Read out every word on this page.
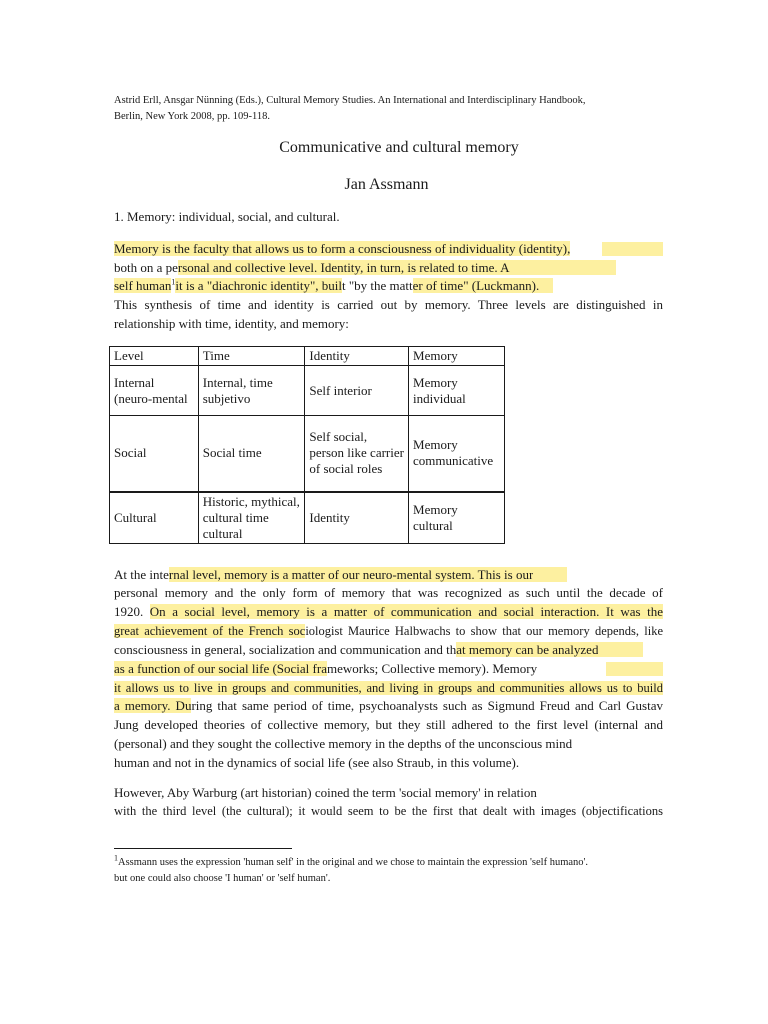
Astrid Erll, Ansgar Nünning (Eds.), Cultural Memory Studies. An International and Interdisciplinary Handbook,
Berlin, New York 2008, pp. 109-118.
Communicative and cultural memory
Jan Assmann
1. Memory: individual, social, and cultural.
Memory is the faculty that allows us to form a consciousness of individuality (identity),
both on a personal and collective level. Identity, in turn, is related to time. A
self human$^1$it is a "diachronic identity", built "by the matter of time" (Luckmann).
This synthesis of time and identity is carried out by memory. Three levels are distinguished in
relationship with time, identity, and memory:
Level	Time	Identity	Memory
Internal (neuro-mental	Internal, time subjetivo	Self interior	Memory individual
Social	Social time	Self social, person like carrier of social roles	Memory communicative
Cultural	Historic, mythical, cultural time cultural	Identity	Memory cultural
At the internal level, memory is a matter of our neuro-mental system. This is our
personal memory and the only form of memory that was recognized as such until the decade of
1920. On a social level, memory is a matter of communication and social interaction. It was the
great achievement of the French sociologist Maurice Halbwachs to show that our memory depends, like
consciousness in general, socialization and communication and that memory can be analyzed
as a function of our social life (Social frameworks; Collective memory). Memory
it allows us to live in groups and communities, and living in groups and communities allows us to build
a memory. During that same period of time, psychoanalysts such as Sigmund Freud and Carl Gustav
Jung developed theories of collective memory, but they still adhered to the first level (internal and
(personal) and they sought the collective memory in the depths of the unconscious mind
human and not in the dynamics of social life (see also Straub, in this volume).
However, Aby Warburg (art historian) coined the term 'social memory' in relation
with the third level (the cultural); it would seem to be the first that dealt with images (objectifications
$^1$Assmann uses the expression 'human self' in the original and we chose to maintain the expression 'self humano'.
but one could also choose 'I human' or 'self human'.
